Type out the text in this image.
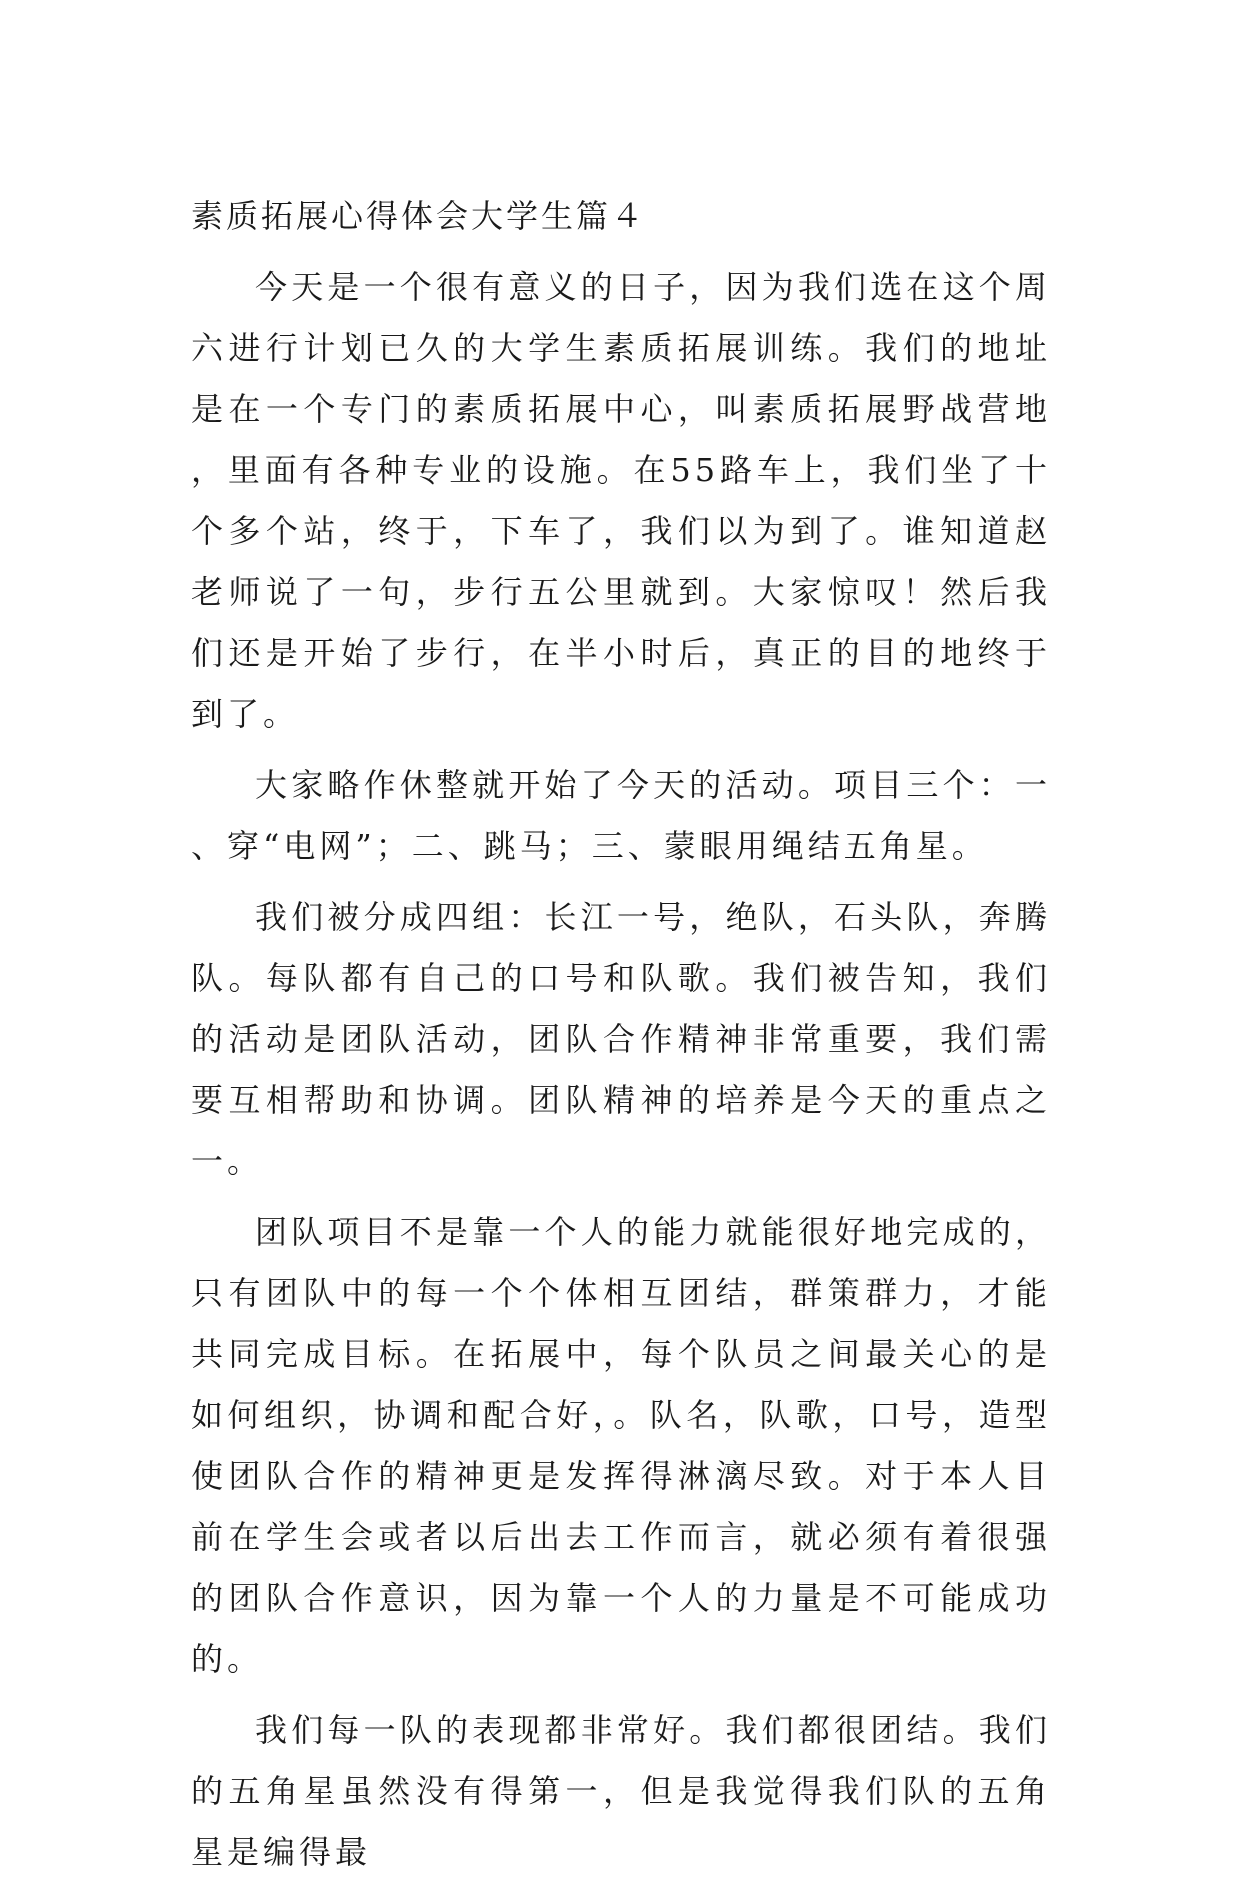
素质拓展心得体会大学生篇４

今天是一个很有意义的日子，因为我们选在这个周六进行计划已久的大学生素质拓展训练。我们的地址是在一个专门的素质拓展中心，叫素质拓展野战营地，里面有各种专业的设施。在55路车上，我们坐了十个多个站，终于，下车了，我们以为到了。谁知道赵老师说了一句，步行五公里就到。大家惊叹！然后我们还是开始了步行，在半小时后，真正的目的地终于到了。

大家略作休整就开始了今天的活动。项目三个：一、穿“电网”；二、跳马；三、蒙眼用绳结五角星。

我们被分成四组：长江一号，绝队，石头队，奔腾队。每队都有自己的口号和队歌。我们被告知，我们的活动是团队活动，团队合作精神非常重要，我们需要互相帮助和协调。团队精神的培养是今天的重点之一。

团队项目不是靠一个人的能力就能很好地完成的，只有团队中的每一个个体相互团结，群策群力，才能共同完成目标。在拓展中，每个队员之间最关心的是如何组织，协调和配合好，。队名，队歌，口号，造型使团队合作的精神更是发挥得淋漓尽致。对于本人目前在学生会或者以后出去工作而言，就必须有着很强的团队合作意识，因为靠一个人的力量是不可能成功的。

我们每一队的表现都非常好。我们都很团结。我们的五角星虽然没有得第一，但是我觉得我们队的五角星是编得最
